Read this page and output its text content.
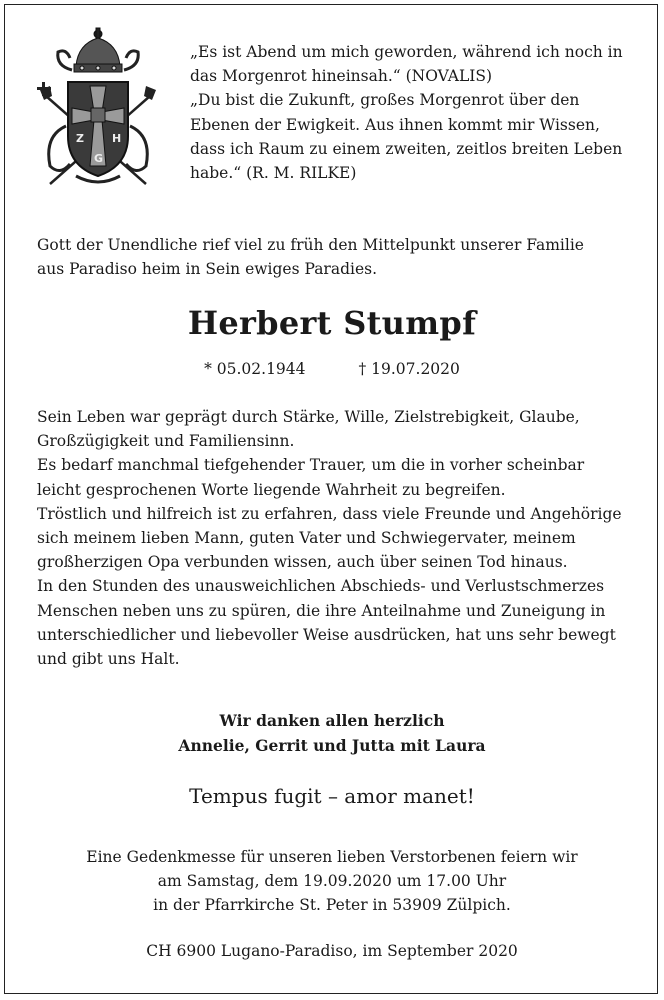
Z	H
G

„Es ist Abend um mich geworden, während ich noch in

das Morgenrot hineinsah.“ (NOVALIS)

„Du bist die Zukunft, großes Morgenrot über den

Ebenen der Ewigkeit. Aus ihnen kommt mir Wissen,

dass ich Raum zu einem zweiten, zeitlos breiten Leben

habe.“ (R. M. RILKE)

Gott der Unendliche rief viel zu früh den Mittelpunkt unserer Familie

aus Paradiso heim in Sein ewiges Paradies.

Herbert Stumpf
* 05.02.1944	† 19.07.2020

Sein Leben war geprägt durch Stärke, Wille, Zielstrebigkeit, Glaube,

Großzügigkeit und Familiensinn.

Es bedarf manchmal tiefgehender Trauer, um die in vorher scheinbar

leicht gesprochenen Worte liegende Wahrheit zu begreifen.

Tröstlich und hilfreich ist zu erfahren, dass viele Freunde und Angehörige

sich meinem lieben Mann, guten Vater und Schwiegervater, meinem

großherzigen Opa verbunden wissen, auch über seinen Tod hinaus.

In den Stunden des unausweichlichen Abschieds- und Verlustschmerzes

Menschen neben uns zu spüren, die ihre Anteilnahme und Zuneigung in

unterschiedlicher und liebevoller Weise ausdrücken, hat uns sehr bewegt

und gibt uns Halt.

Wir danken allen herzlich

Annelie, Gerrit und Jutta mit Laura

Tempus fugit – amor manet!

Eine Gedenkmesse für unseren lieben Verstorbenen feiern wir

am Samstag, dem 19.09.2020 um 17.00 Uhr

in der Pfarrkirche St. Peter in 53909 Zülpich.

CH 6900 Lugano-Paradiso, im September 2020
